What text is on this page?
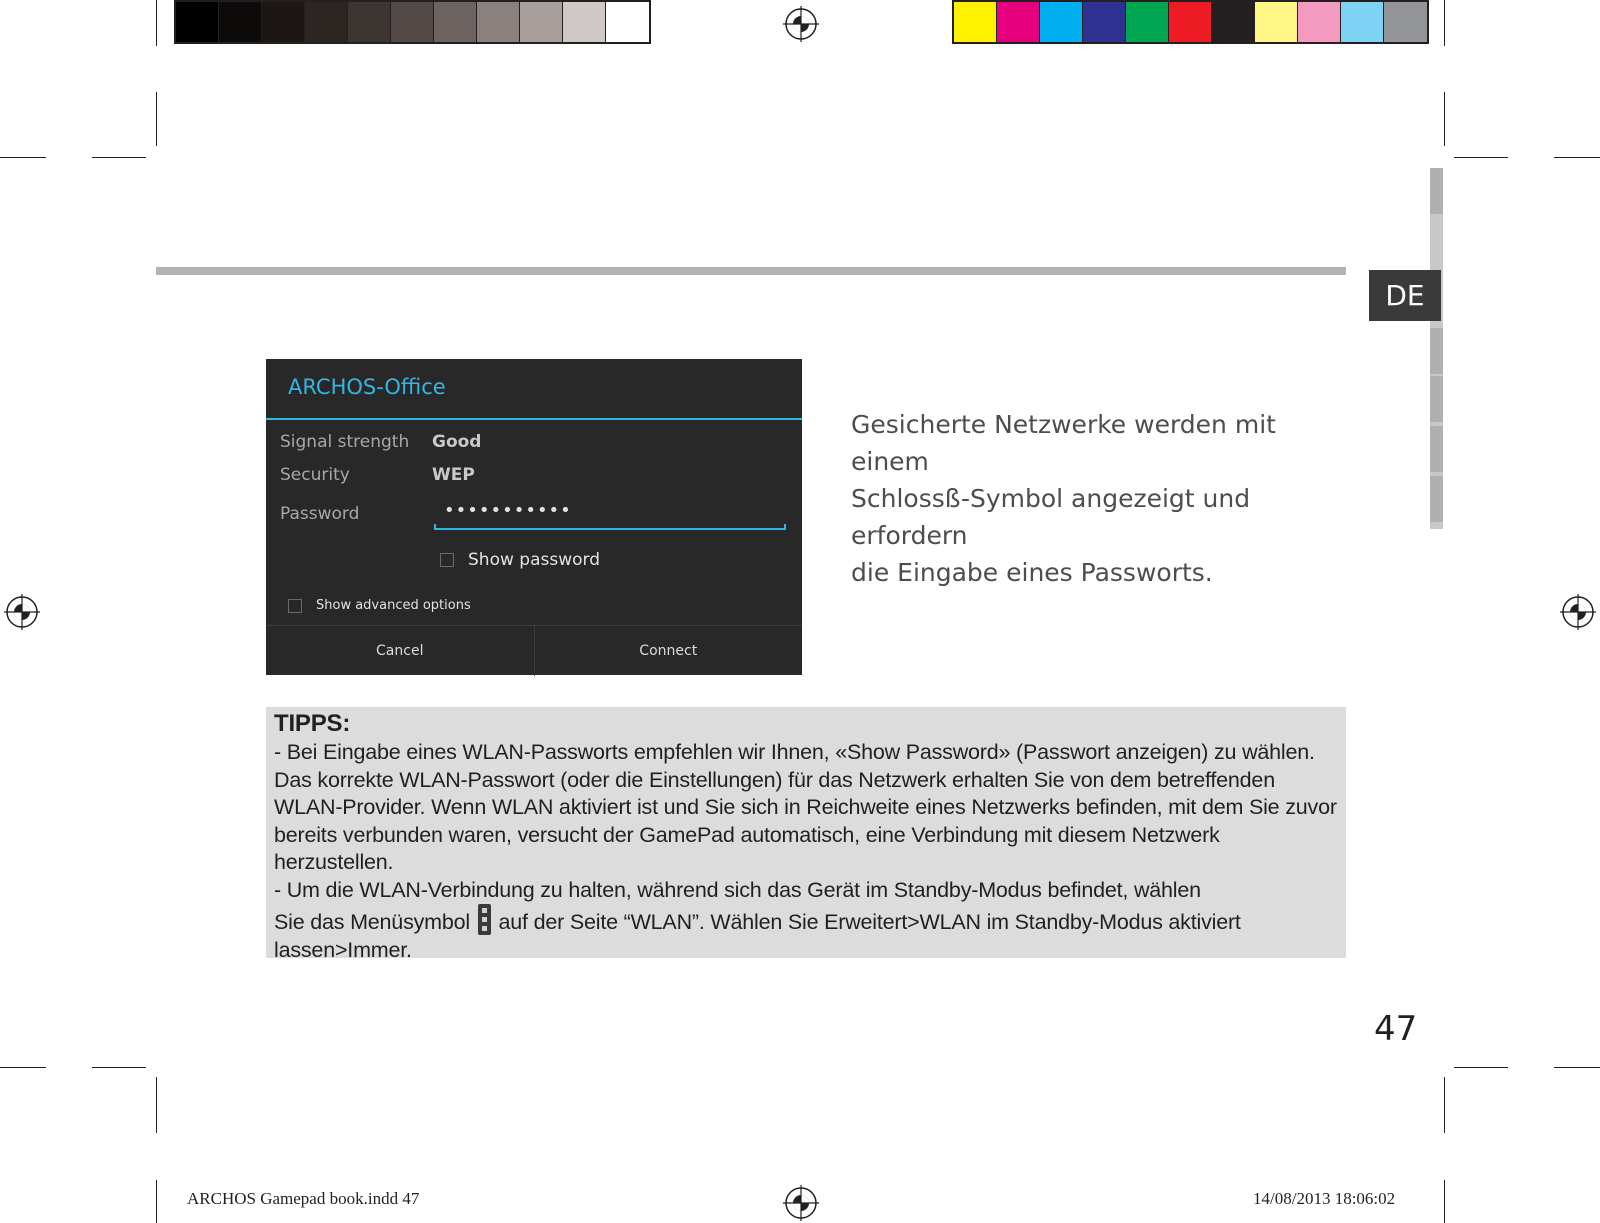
DE
ARCHOS-Office
Signal strength Good
Security	WEP
Password	•••••••••••
Show password
Show advanced options
Cancel	Connect
Gesicherte Netzwerke werden mit einem
Schlossß-Symbol angezeigt und erfordern
die Eingabe eines Passworts.
TIPPS:

- Bei Eingabe eines WLAN-Passworts empfehlen wir Ihnen, «Show Password» (Passwort anzeigen) zu wählen. Das korrekte WLAN-Passwort (oder die Einstellungen) für das Netzwerk erhalten Sie von dem betreffenden WLAN-Provider. Wenn WLAN aktiviert ist und Sie sich in Reichweite eines Netzwerks befinden, mit dem Sie zuvor bereits verbunden waren, versucht der GamePad automatisch, eine Verbindung mit diesem Netzwerk herzustellen.

- Um die WLAN-Verbindung zu halten, während sich das Gerät im Standby-Modus befindet, wählen
Sie das Menüsymbol auf der Seite “WLAN”. Wählen Sie Erweitert>WLAN im Standby-Modus aktiviert lassen>Immer.

47
ARCHOS Gamepad book.indd 47	14/08/2013 18:06:02
